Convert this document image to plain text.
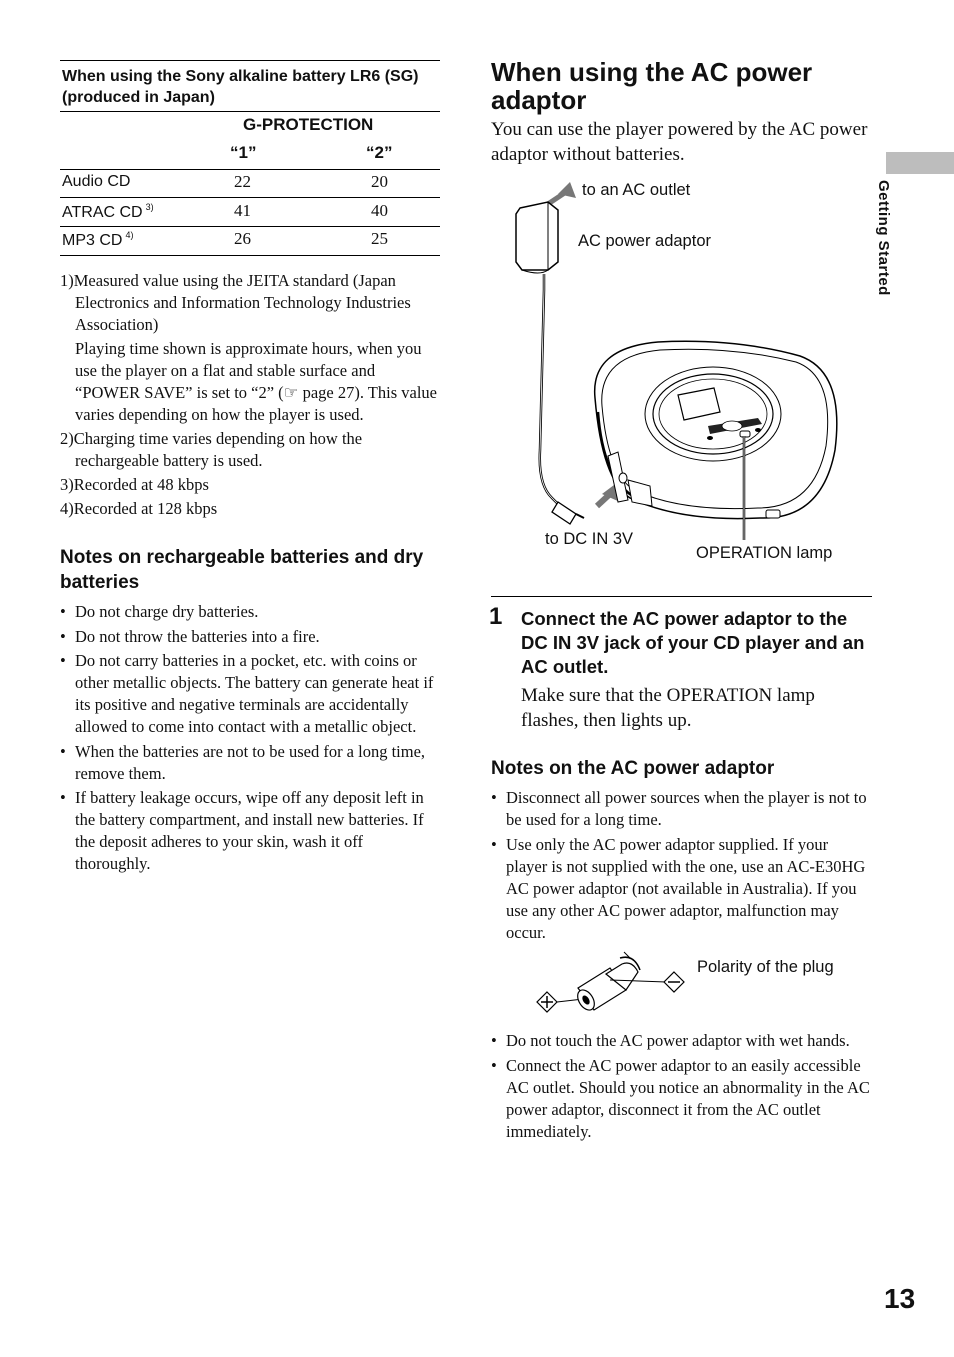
When using the Sony alkaline battery LR6 (SG) (produced in Japan)
G-PROTECTION
“1”	“2”
Audio CD	22	20
ATRAC CD $^{3)}$	41	40
MP3 CD $^{4)}$	26	25
1)Measured value using the JEITA standard (Japan Electronics and Information Technology Industries Association)
Playing time shown is approximate hours, when you use the player on a flat and stable surface and “POWER SAVE” is set to “2” (☞ page 27). This value varies depending on how the player is used.
2)Charging time varies depending on how the rechargeable battery is used.
3)Recorded at 48 kbps
4)Recorded at 128 kbps
Notes on rechargeable batteries and dry batteries
• Do not charge dry batteries.
• Do not throw the batteries into a fire.
• Do not carry batteries in a pocket, etc. with coins or other metallic objects. The battery can generate heat if its positive and negative terminals are accidentally allowed to come into contact with a metallic object.
• When the batteries are not to be used for a long time, remove them.
• If battery leakage occurs, wipe off any deposit left in the battery compartment, and install new batteries. If the deposit adheres to your skin, wash it off thoroughly.
When using the AC power adaptor
You can use the player powered by the AC power adaptor without batteries.
to an AC outlet
AC power adaptor
to DC IN 3V
OPERATION lamp
1 Connect the AC power adaptor to the DC IN 3V jack of your CD player and an AC outlet.
Make sure that the OPERATION lamp flashes, then lights up.
Notes on the AC power adaptor
• Disconnect all power sources when the player is not to be used for a long time.
• Use only the AC power adaptor supplied. If your player is not supplied with the one, use an AC-E30HG AC power adaptor (not available in Australia). If you use any other AC power adaptor, malfunction may occur.
Polarity of the plug
• Do not touch the AC power adaptor with wet hands.
• Connect the AC power adaptor to an easily accessible AC outlet. Should you notice an abnormality in the AC power adaptor, disconnect it from the AC outlet immediately.
Getting Started
13
